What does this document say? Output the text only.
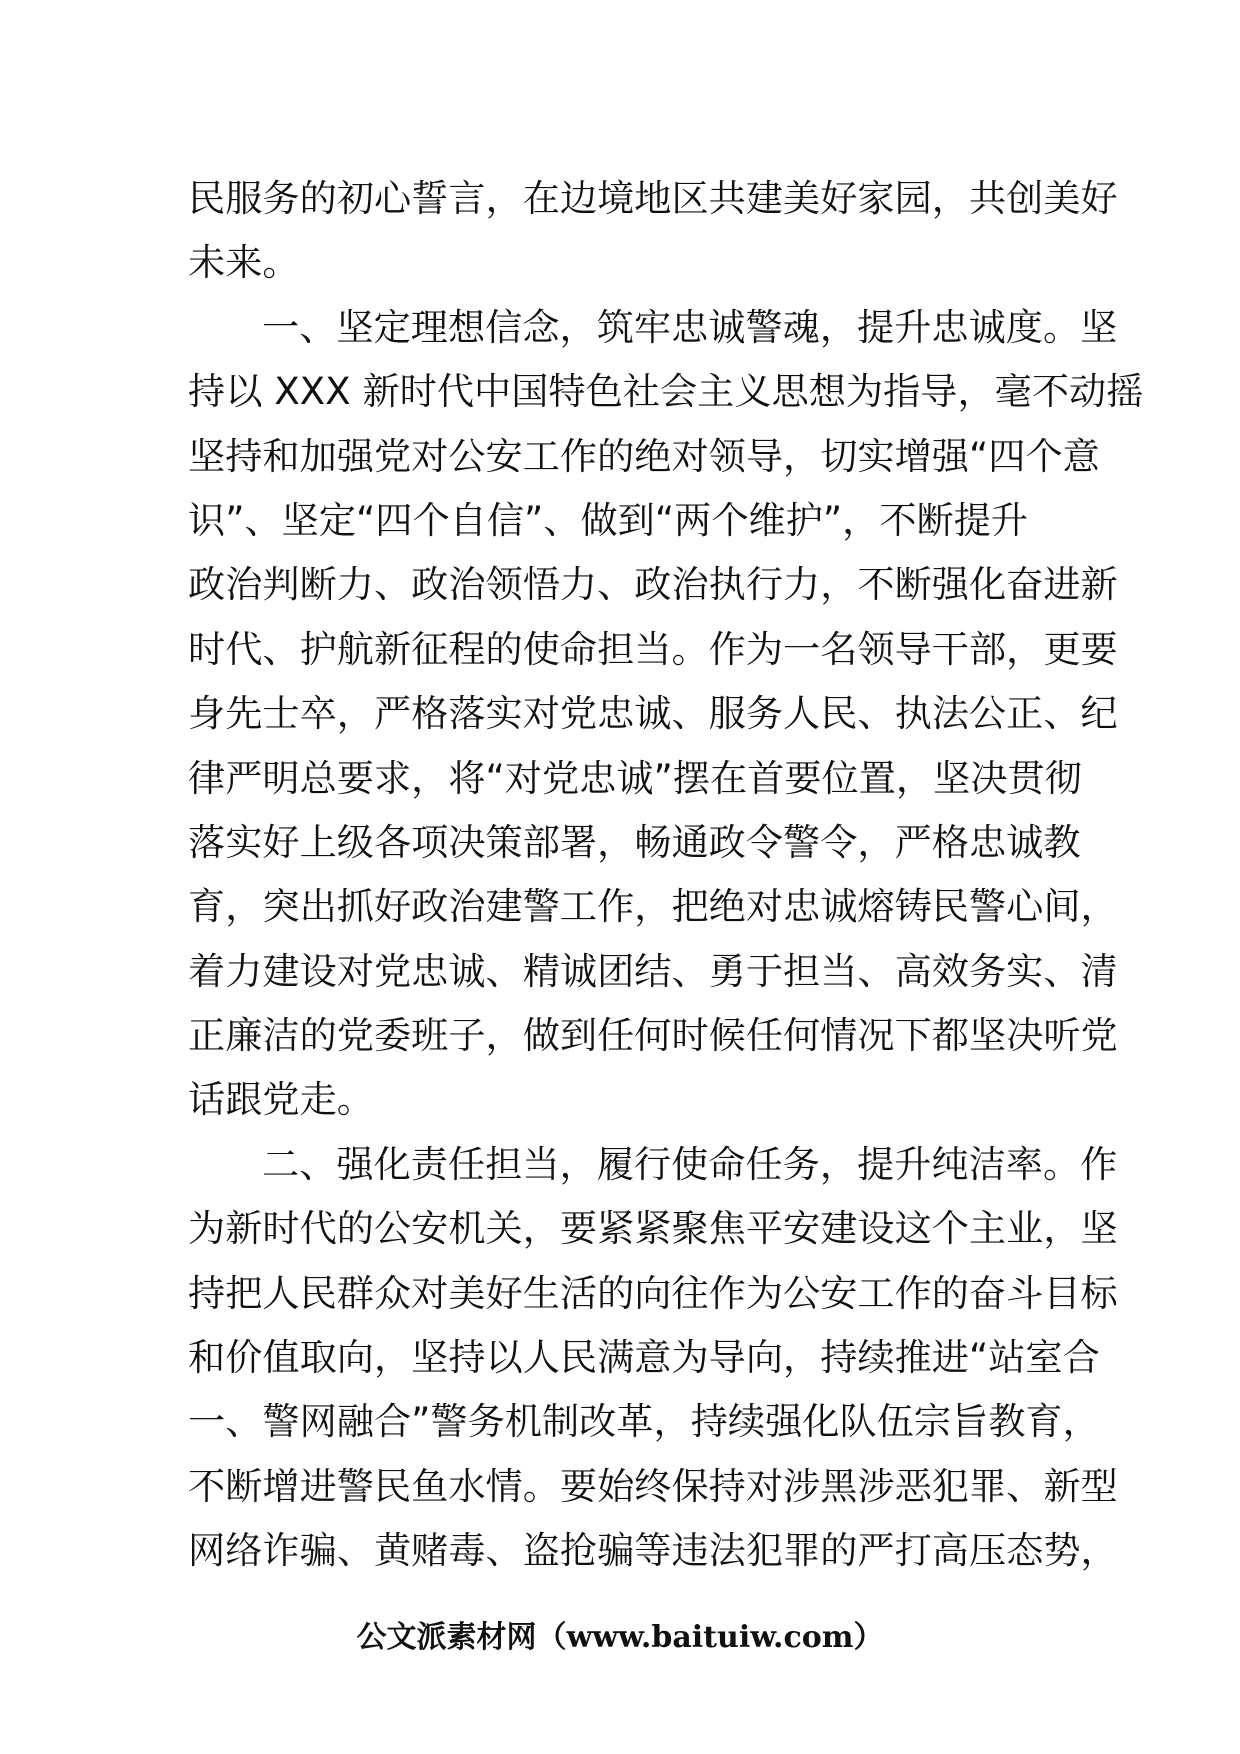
民服务的初心誓言，在边境地区共建美好家园，共创美好
未来。
一、坚定理想信念，筑牢忠诚警魂，提升忠诚度。坚
持以 XXX 新时代中国特色社会主义思想为指导，毫不动摇
坚持和加强党对公安工作的绝对领导，切实增强“四个意
识”、坚定“四个自信”、做到“两个维护”，不断提升
政治判断力、政治领悟力、政治执行力，不断强化奋进新
时代、护航新征程的使命担当。作为一名领导干部，更要
身先士卒，严格落实对党忠诚、服务人民、执法公正、纪
律严明总要求，将“对党忠诚”摆在首要位置，坚决贯彻
落实好上级各项决策部署，畅通政令警令，严格忠诚教
育，突出抓好政治建警工作，把绝对忠诚熔铸民警心间，
着力建设对党忠诚、精诚团结、勇于担当、高效务实、清
正廉洁的党委班子，做到任何时候任何情况下都坚决听党
话跟党走。
二、强化责任担当，履行使命任务，提升纯洁率。作
为新时代的公安机关，要紧紧聚焦平安建设这个主业，坚
持把人民群众对美好生活的向往作为公安工作的奋斗目标
和价值取向，坚持以人民满意为导向，持续推进“站室合
一、警网融合”警务机制改革，持续强化队伍宗旨教育，
不断增进警民鱼水情。要始终保持对涉黑涉恶犯罪、新型
网络诈骗、黄赌毒、盗抢骗等违法犯罪的严打高压态势，
公文派素材网（www.baituiw.com）
